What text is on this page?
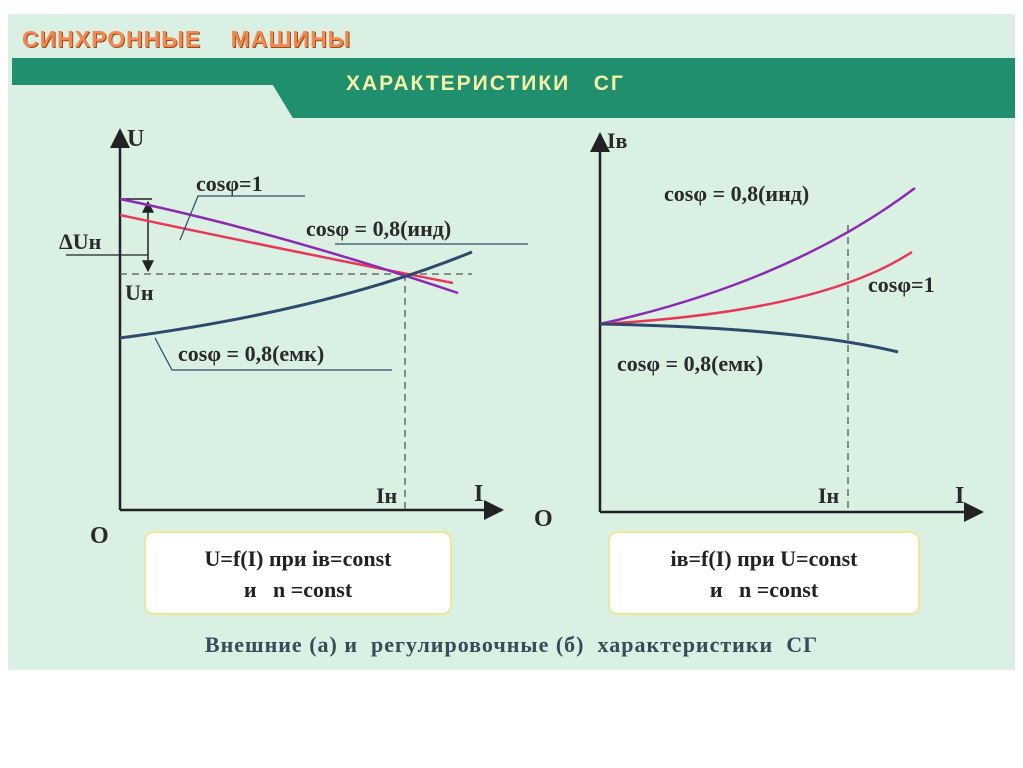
СИНХРОННЫЕ    МАШИНЫ
ХАРАКТЕРИСТИКИ   СГ
U
I
O
Iн
Uн
ΔUн
cosφ=1
cosφ = 0,8(инд)
cosφ = 0,8(емк)
Iв
I
O
Iн
cosφ = 0,8(инд)
cosφ=1
cosφ = 0,8(емк)
U=f(I) при iв=const
и   n =const
iв=f(I) при U=const
и   n =const
Внешние (а) и  регулировочные (б)  характеристики  СГ
